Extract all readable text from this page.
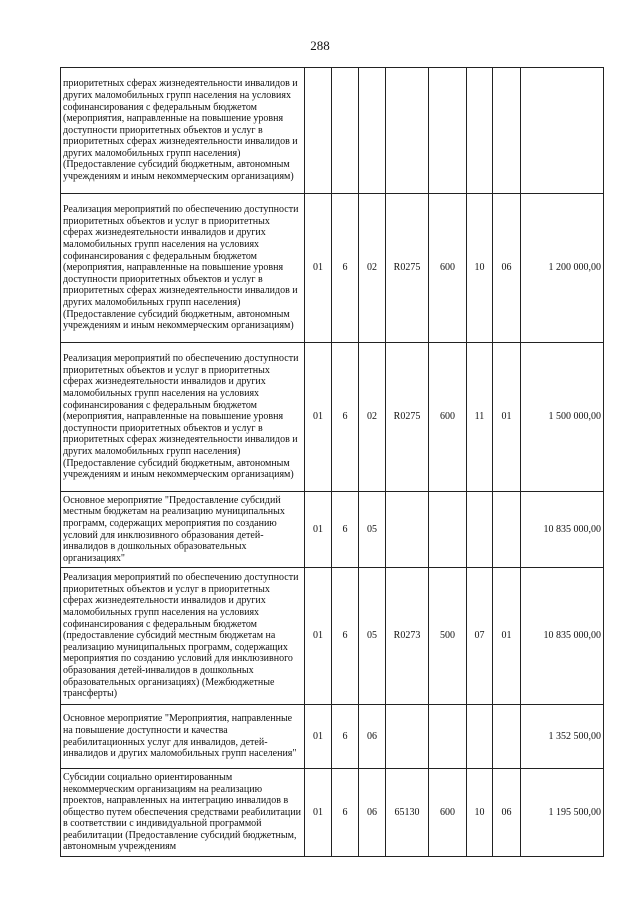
288
приоритетных сферах жизнедеятельности инвалидов и других маломобильных групп населения на условиях софинансирования с федеральным бюджетом (мероприятия, направленные на повышение уровня доступности приоритетных объектов и услуг в приоритетных сферах жизнедеятельности инвалидов и других маломобильных групп населения) (Предоставление субсидий бюджетным, автономным учреждениям и иным некоммерческим организациям)								
Реализация мероприятий по обеспечению доступности приоритетных объектов и услуг в приоритетных сферах жизнедеятельности инвалидов и других маломобильных групп населения на условиях софинансирования с федеральным бюджетом (мероприятия, направленные на повышение уровня доступности приоритетных объектов и услуг в приоритетных сферах жизнедеятельности инвалидов и других маломобильных групп населения) (Предоставление субсидий бюджетным, автономным учреждениям и иным некоммерческим организациям)	01	6	02	R0275	600	10	06	1 200 000,00
Реализация мероприятий по обеспечению доступности приоритетных объектов и услуг в приоритетных сферах жизнедеятельности инвалидов и других маломобильных групп населения на условиях софинансирования с федеральным бюджетом (мероприятия, направленные на повышение уровня доступности приоритетных объектов и услуг в приоритетных сферах жизнедеятельности инвалидов и других маломобильных групп населения) (Предоставление субсидий бюджетным, автономным учреждениям и иным некоммерческим организациям)	01	6	02	R0275	600	11	01	1 500 000,00
Основное мероприятие "Предоставление субсидий местным бюджетам на реализацию муниципальных программ, содержащих мероприятия по созданию условий для инклюзивного образования детей-инвалидов в дошкольных образовательных организациях"	01	6	05					10 835 000,00
Реализация мероприятий по обеспечению доступности приоритетных объектов и услуг в приоритетных сферах жизнедеятельности инвалидов и других маломобильных групп населения на условиях софинансирования с федеральным бюджетом (предоставление субсидий местным бюджетам на реализацию муниципальных программ, содержащих мероприятия по созданию условий для инклюзивного образования детей-инвалидов в дошкольных образовательных организациях) (Межбюджетные трансферты)	01	6	05	R0273	500	07	01	10 835 000,00
Основное мероприятие "Мероприятия, направленные на повышение доступности и качества реабилитационных услуг для инвалидов, детей-инвалидов и других маломобильных групп населения"	01	6	06					1 352 500,00
Субсидии социально ориентированным некоммерческим организациям на реализацию проектов, направленных на интеграцию инвалидов в общество путем обеспечения средствами реабилитации в соответствии с индивидуальной программой реабилитации (Предоставление субсидий бюджетным, автономным учреждениям	01	6	06	65130	600	10	06	1 195 500,00
